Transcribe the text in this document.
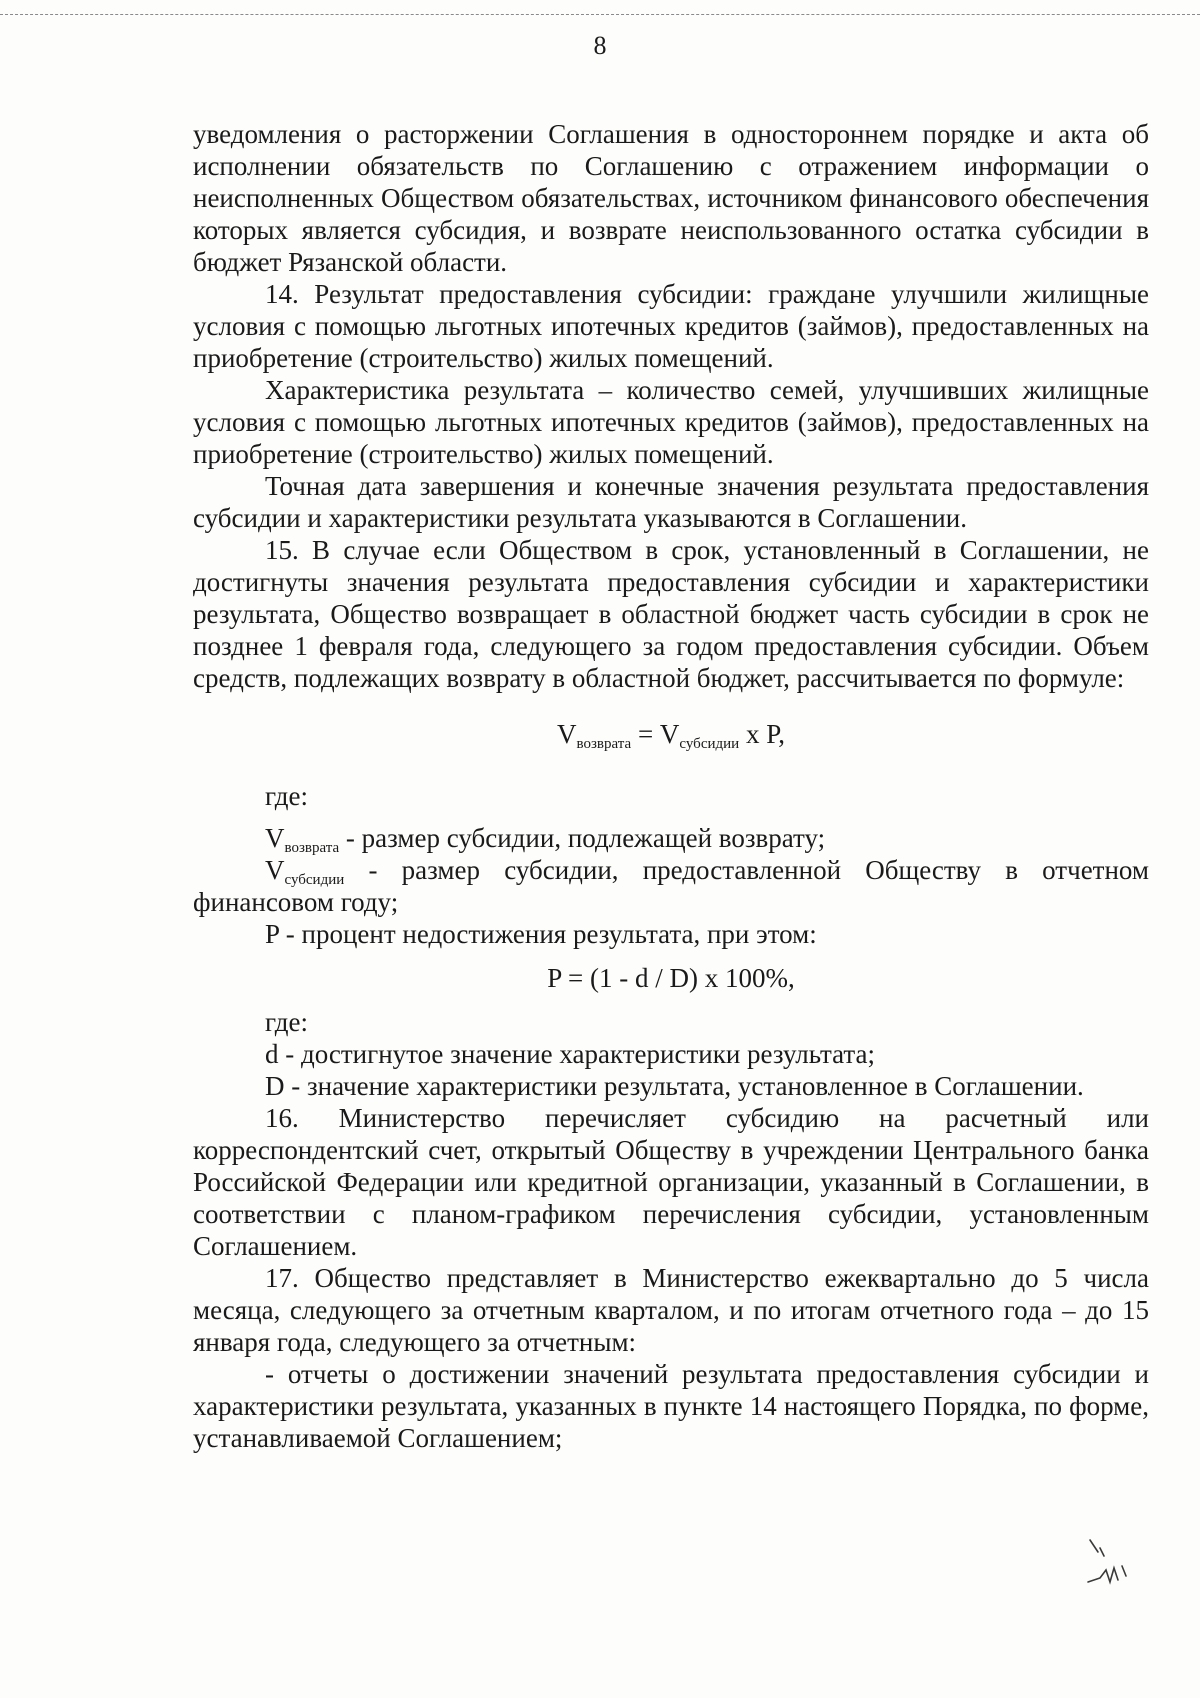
8

уведомления о расторжении Соглашения в одностороннем порядке и акта об исполнении обязательств по Соглашению с отражением информации о неисполненных Обществом обязательствах, источником финансового обеспечения которых является субсидия, и возврате неиспользованного остатка субсидии в бюджет Рязанской области.

14. Результат предоставления субсидии: граждане улучшили жилищные условия с помощью льготных ипотечных кредитов (займов), предоставленных на приобретение (строительство) жилых помещений.

Характеристика результата – количество семей, улучшивших жилищные условия с помощью льготных ипотечных кредитов (займов), предоставленных на приобретение (строительство) жилых помещений.

Точная дата завершения и конечные значения результата предоставления субсидии и характеристики результата указываются в Соглашении.

15. В случае если Обществом в срок, установленный в Соглашении, не достигнуты значения результата предоставления субсидии и характеристики результата, Общество возвращает в областной бюджет часть субсидии в срок не позднее 1 февраля года, следующего за годом предоставления субсидии. Объем средств, подлежащих возврату в областной бюджет, рассчитывается по формуле:

$V_{возврата} = V_{субсидии}$ x P,

где:

$V_{возврата}$ - размер субсидии, подлежащей возврату;

$V_{субсидии}$ - размер субсидии, предоставленной Обществу в отчетном финансовом году;

P - процент недостижения результата, при этом:

P = (1 - d / D) x 100%,

где:

d - достигнутое значение характеристики результата;

D - значение характеристики результата, установленное в Соглашении.

16. Министерство перечисляет субсидию на расчетный или корреспондентский счет, открытый Обществу в учреждении Центрального банка Российской Федерации или кредитной организации, указанный в Соглашении, в соответствии с планом-графиком перечисления субсидии, установленным Соглашением.

17. Общество представляет в Министерство ежеквартально до 5 числа месяца, следующего за отчетным кварталом, и по итогам отчетного года – до 15 января года, следующего за отчетным:

- отчеты о достижении значений результата предоставления субсидии и характеристики результата, указанных в пункте 14 настоящего Порядка, по форме, устанавливаемой Соглашением;
